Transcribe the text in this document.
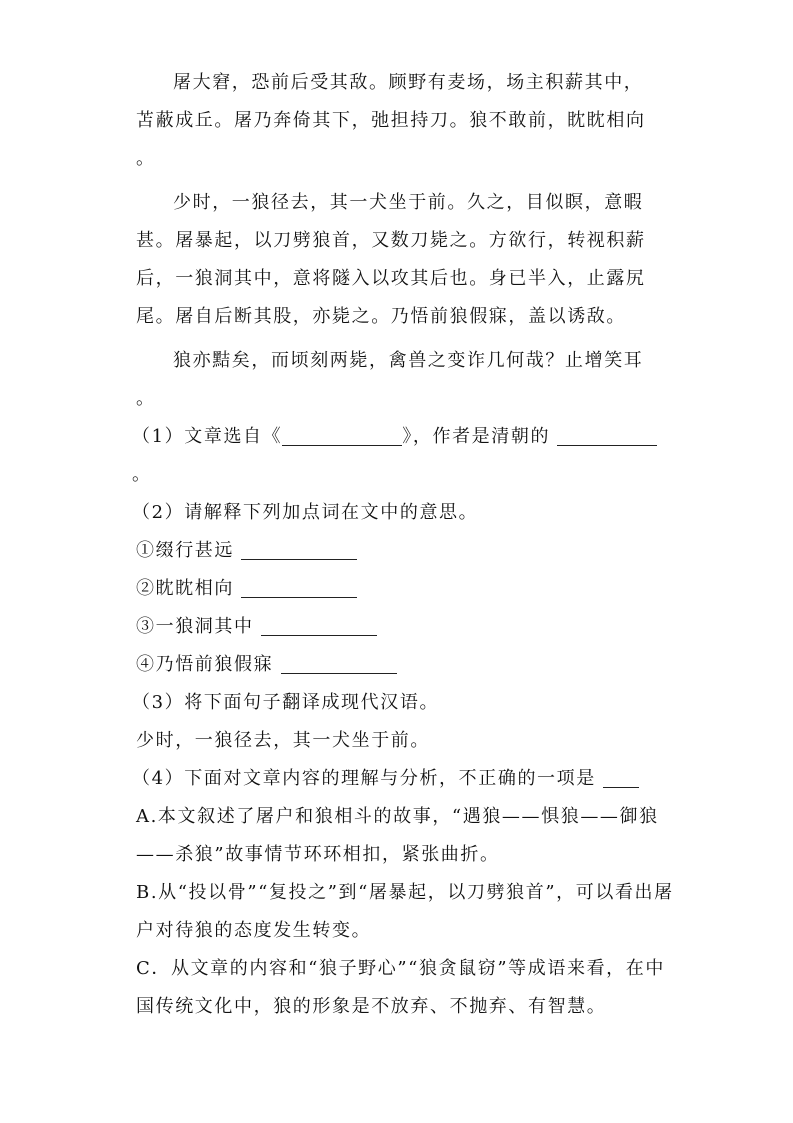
屠大窘，恐前后受其敌。顾野有麦场，场主积薪其中，
苫蔽成丘。屠乃奔倚其下，弛担持刀。狼不敢前，眈眈相向
。
少时，一狼径去，其一犬坐于前。久之，目似瞑，意暇
甚。屠暴起，以刀劈狼首，又数刀毙之。方欲行，转视积薪
后，一狼洞其中，意将隧入以攻其后也。身已半入，止露尻
尾。屠自后断其股，亦毙之。乃悟前狼假寐，盖以诱敌。
狼亦黠矣，而顷刻两毙，禽兽之变诈几何哉？止增笑耳
。
（1）文章选自《	》，作者是清朝的
。
（2）请解释下列加点词在文中的意思。
①缀行甚远
②眈眈相向
③一狼洞其中
④乃悟前狼假寐
（3）将下面句子翻译成现代汉语。
少时，一狼径去，其一犬坐于前。
（4）下面对文章内容的理解与分析，不正确的一项是
A.本文叙述了屠户和狼相斗的故事，“遇狼——惧狼——御狼
——杀狼”故事情节环环相扣，紧张曲折。
B.从“投以骨”“复投之”到“屠暴起，以刀劈狼首”，可以看出屠
户对待狼的态度发生转变。
C．从文章的内容和“狼子野心”“狼贪鼠窃”等成语来看，在中
国传统文化中，狼的形象是不放弃、不抛弃、有智慧。
